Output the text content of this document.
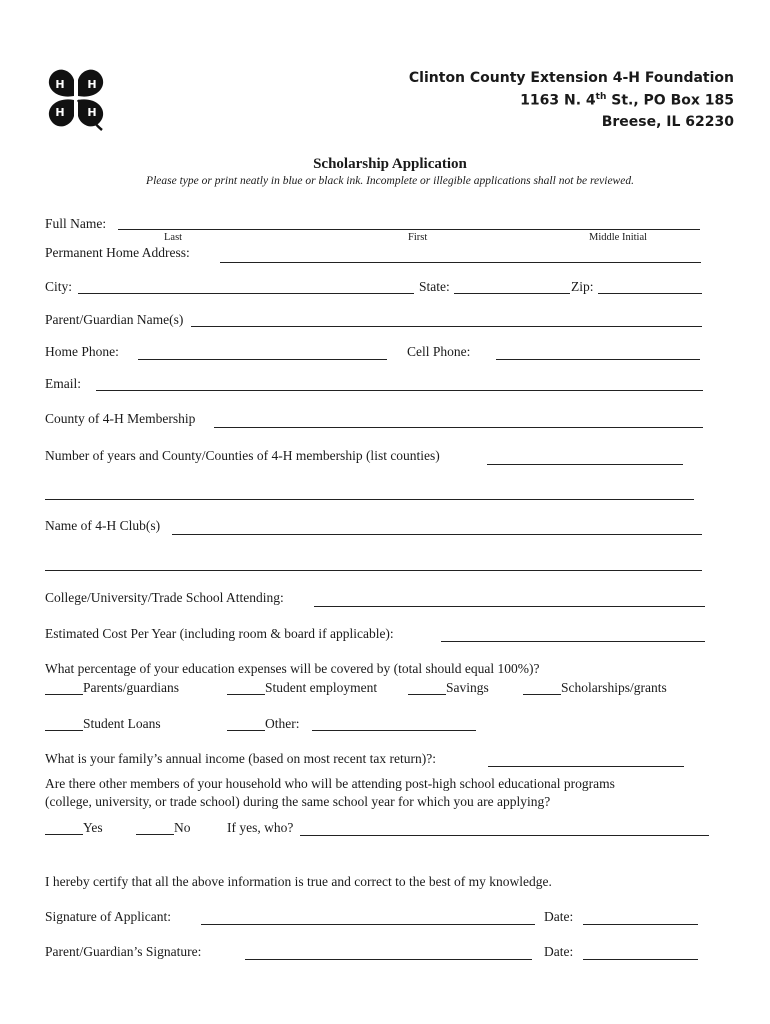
H H
H H
Clinton County Extension 4-H Foundation
1163 N. 4th St., PO Box 185
Breese, IL 62230
Scholarship Application
Please type or print neatly in blue or black ink. Incomplete or illegible applications shall not be reviewed.
Full Name:
Last	First	Middle Initial
Permanent Home Address:
City:	State:	Zip:
Parent/Guardian Name(s)
Home Phone:	Cell Phone:
Email:
County of 4-H Membership
Number of years and County/Counties of 4-H membership (list counties)
Name of 4-H Club(s)
College/University/Trade School Attending:
Estimated Cost Per Year (including room & board if applicable):
What percentage of your education expenses will be covered by (total should equal 100%)?
Parents/guardians	Student employment	Savings	Scholarships/grants
Student Loans	Other:
What is your family’s annual income (based on most recent tax return)?:
Are there other members of your household who will be attending post-high school educational programs
(college, university, or trade school) during the same school year for which you are applying?
Yes	No	If yes, who?
I hereby certify that all the above information is true and correct to the best of my knowledge.
Signature of Applicant:	Date:
Parent/Guardian’s Signature:	Date:
